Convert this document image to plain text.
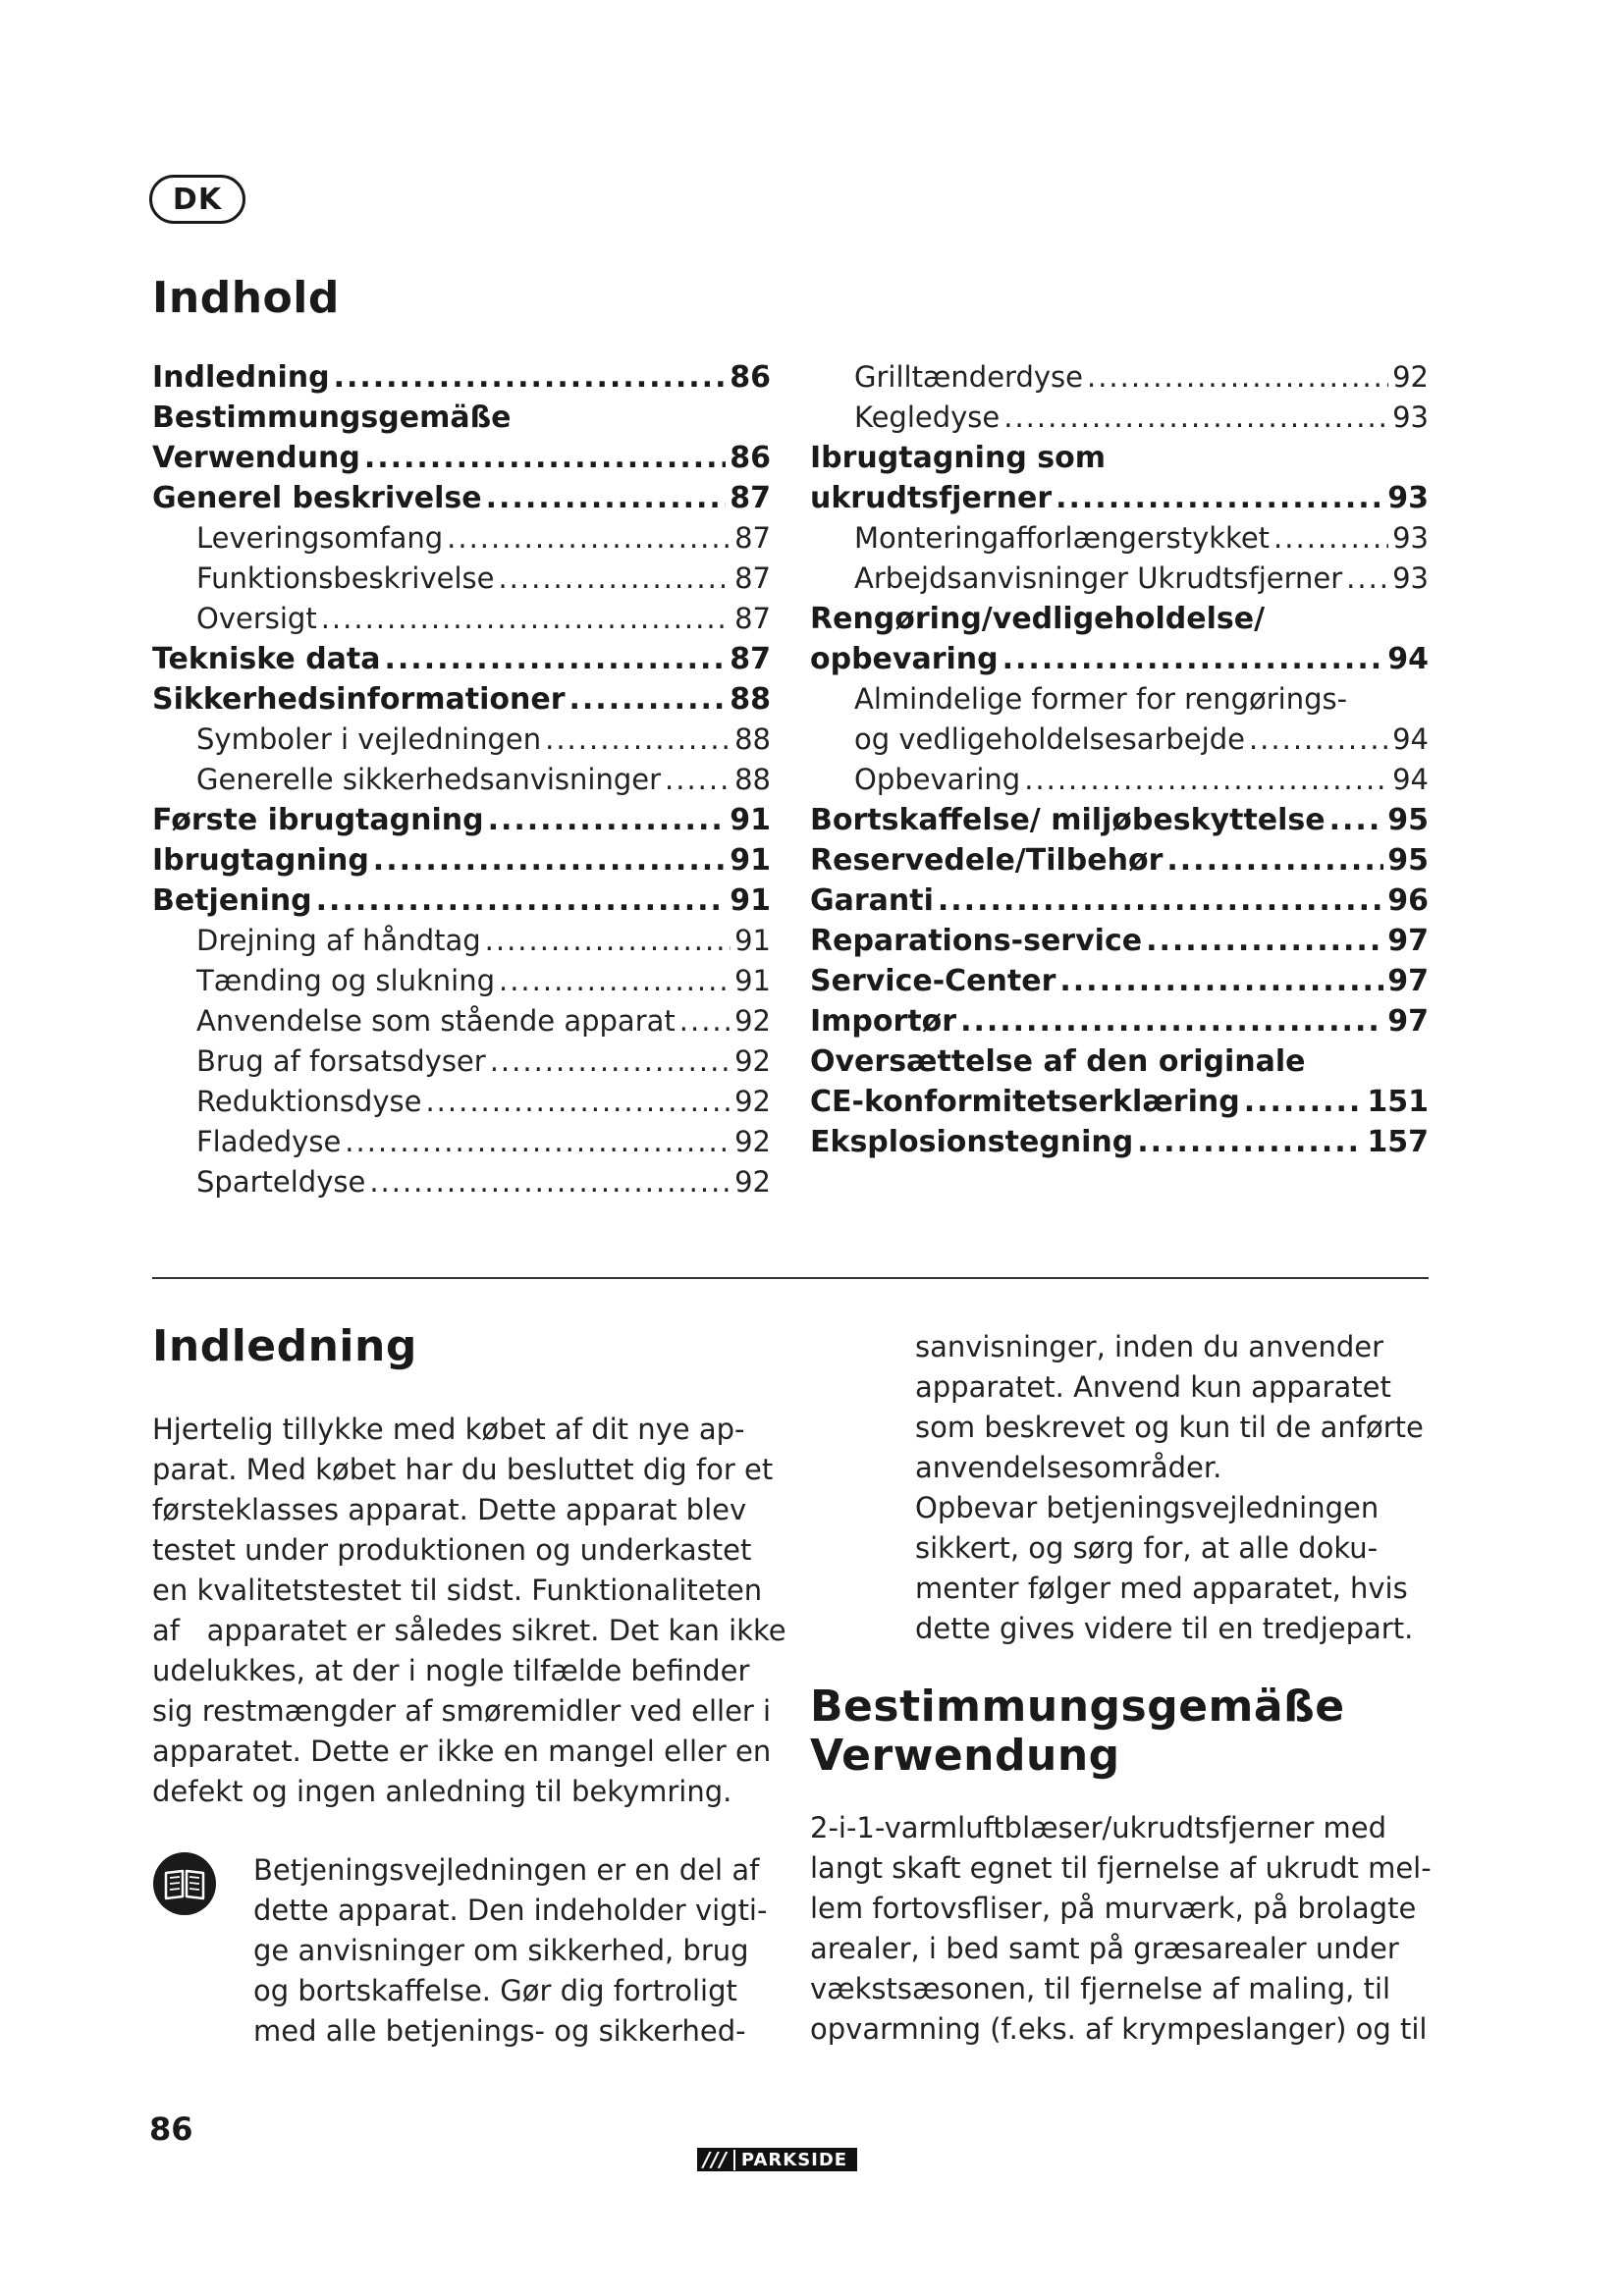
DK
Indhold
Indledning .....	86
Bestimmungsgemäße
Verwendung .....	86
Generel beskrivelse .....	87
Leveringsomfang .....	87
Funktionsbeskrivelse .....	87
Oversigt .....	87
Tekniske data .....	87
Sikkerhedsinformationer .....	88
Symboler i vejledningen .....	88
Generelle sikkerhedsanvisninger .....	88
Første ibrugtagning .....	91
Ibrugtagning .....	91
Betjening .....	91
Drejning af håndtag .....	91
Tænding og slukning .....	91
Anvendelse som stående apparat ..... 92
Brug af forsatsdyser .....	92
Reduktionsdyse .....	92
Fladedyse .....	92
Sparteldyse .....	92
Grilltænderdyse .....	92
Kegledyse .....	93
Ibrugtagning som
ukrudtsfjerner .....	93
Monteringafforlængerstykket .....	93
Arbejdsanvisninger Ukrudtsfjerner ..... 93
Rengøring/vedligeholdelse/
opbevaring .....	94
Almindelige former for rengørings-
og vedligeholdelsesarbejde .....	94
Opbevaring .....	94
Bortskaffelse/ miljøbeskyttelse ..... 95
Reservedele/Tilbehør .....	95
Garanti .....	96
Reparations-service .....	97
Service-Center .....	97
Importør .....	97
Oversættelse af den originale
CE-konformitetserklæring .....	151
Eksplosionstegning .....	157
Indledning

Hjertelig tillykke med købet af dit nye ap-

parat. Med købet har du besluttet dig for et

førsteklasses apparat. Dette apparat blev

testet under produktionen og underkastet

en kvalitetstestet til sidst. Funktionaliteten

af   apparatet er således sikret. Det kan ikke

udelukkes, at der i nogle tilfælde befinder

sig restmængder af smøremidler ved eller i

apparatet. Dette er ikke en mangel eller en

defekt og ingen anledning til bekymring.

Betjeningsvejledningen er en del af

dette apparat. Den indeholder vigti-

ge anvisninger om sikkerhed, brug

og bortskaffelse. Gør dig fortroligt

med alle betjenings- og sikkerhed-

sanvisninger, inden du anvender

apparatet. Anvend kun apparatet

som beskrevet og kun til de anførte

anvendelsesområder.

Opbevar betjeningsvejledningen

sikkert, og sørg for, at alle doku-

menter følger med apparatet, hvis

dette gives videre til en tredjepart.

Bestimmungsgemäße
Verwendung

2-i-1-varmluftblæser/ukrudtsfjerner med

langt skaft egnet til fjernelse af ukrudt mel-

lem fortovsfliser, på murværk, på brolagte

arealer, i bed samt på græsarealer under

vækstsæsonen, til fjernelse af maling, til

opvarmning (f.eks. af krympeslanger) og til

86
/// PARKSIDE
